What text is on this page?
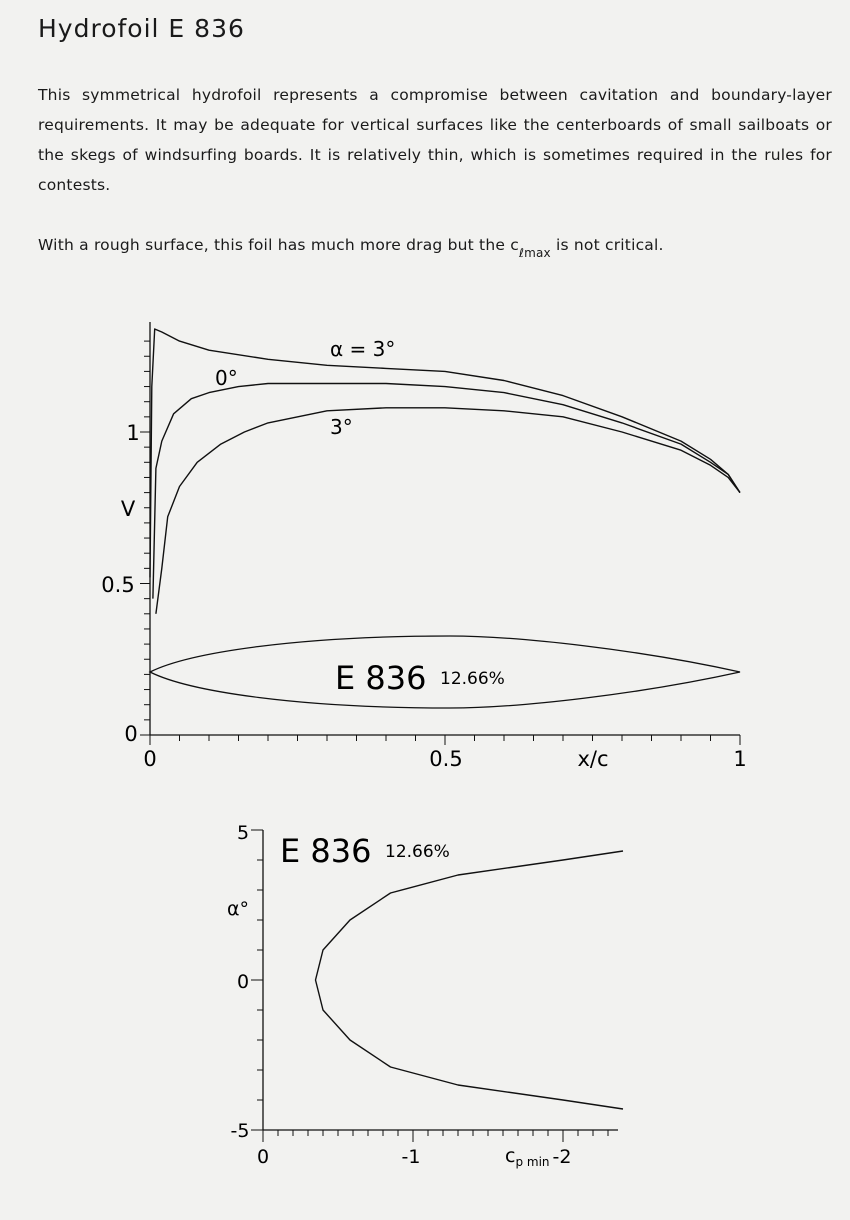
Hydrofoil E 836
This symmetrical hydrofoil represents a compromise between cavitation and boundary-layer requirements. It may be adequate for vertical surfaces like the centerboards of small sailboats or the skegs of windsurfing boards. It is relatively thin, which is sometimes required in the rules for contests.
With a rough surface, this foil has much more drag but the $c_{\ell max}$ is not critical.
0
0.5
1
V
0	0.5	1
x/c
α = 3°
0°
3°
E 836 12.66%
5
0
-5
α°
0	-1	-2
$c_{p min}$
E 836 12.66%
